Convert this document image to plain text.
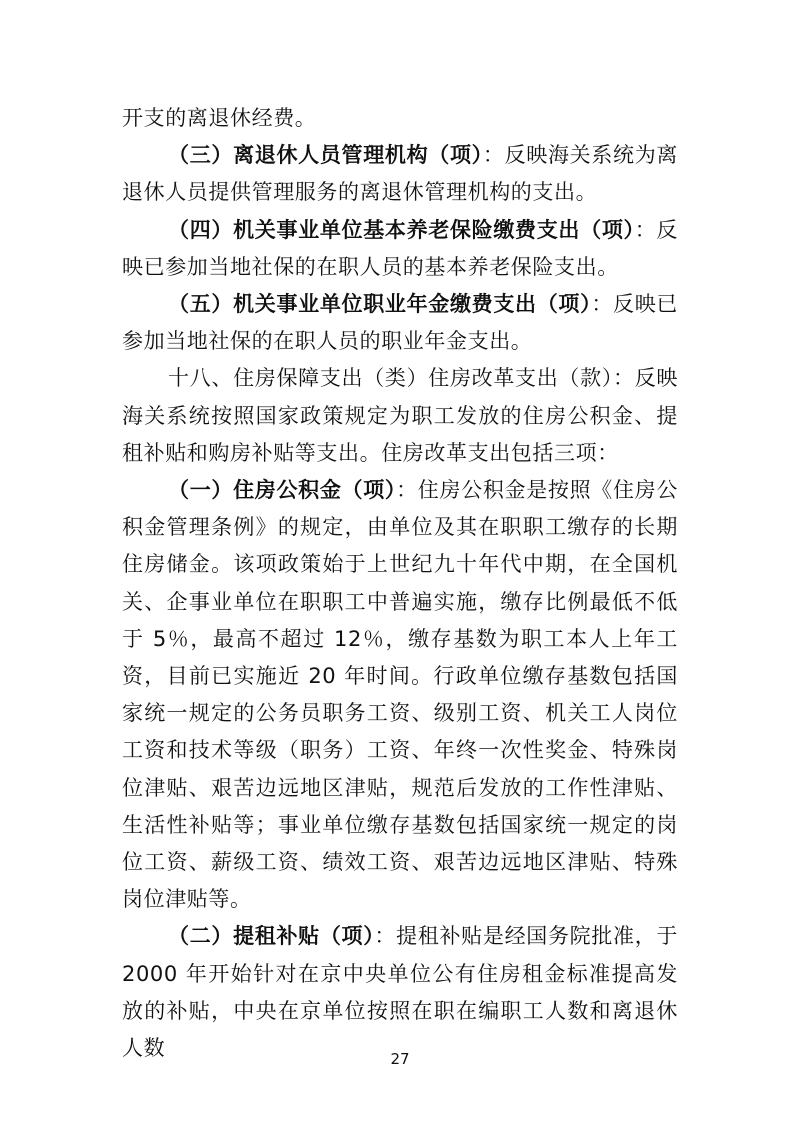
开支的离退休经费。

（三）离退休人员管理机构（项）：反映海关系统为离退休人员提供管理服务的离退休管理机构的支出。

（四）机关事业单位基本养老保险缴费支出（项）：反映已参加当地社保的在职人员的基本养老保险支出。

（五）机关事业单位职业年金缴费支出（项）：反映已参加当地社保的在职人员的职业年金支出。

十八、住房保障支出（类）住房改革支出（款）：反映海关系统按照国家政策规定为职工发放的住房公积金、提租补贴和购房补贴等支出。住房改革支出包括三项：

（一）住房公积金（项）：住房公积金是按照《住房公积金管理条例》的规定，由单位及其在职职工缴存的长期住房储金。该项政策始于上世纪九十年代中期，在全国机关、企事业单位在职职工中普遍实施，缴存比例最低不低于 5％，最高不超过 12％，缴存基数为职工本人上年工资，目前已实施近 20 年时间。行政单位缴存基数包括国家统一规定的公务员职务工资、级别工资、机关工人岗位工资和技术等级（职务）工资、年终一次性奖金、特殊岗位津贴、艰苦边远地区津贴，规范后发放的工作性津贴、生活性补贴等；事业单位缴存基数包括国家统一规定的岗位工资、薪级工资、绩效工资、艰苦边远地区津贴、特殊岗位津贴等。

（二）提租补贴（项）：提租补贴是经国务院批准，于 2000 年开始针对在京中央单位公有住房租金标准提高发放的补贴，中央在京单位按照在职在编职工人数和离退休人数	27
